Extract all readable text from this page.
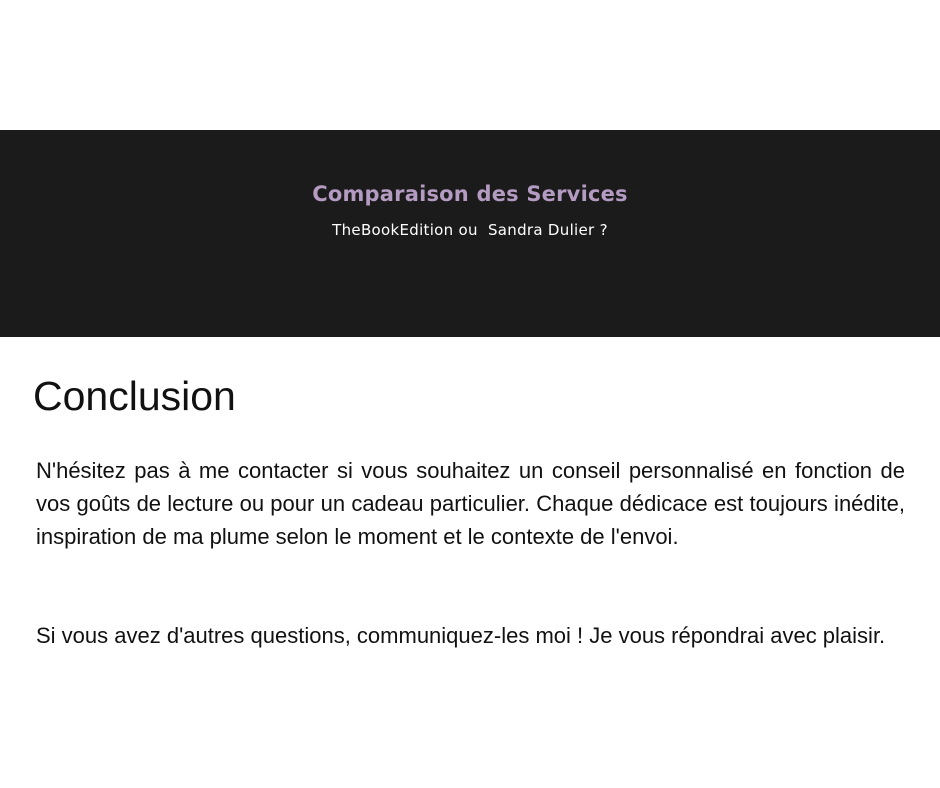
Comparaison des Services
TheBookEdition ou  Sandra Dulier ?
Conclusion

N'hésitez pas à me contacter si vous souhaitez un conseil personnalisé en fonction de vos goûts de lecture ou pour un cadeau particulier. Chaque dédicace est toujours inédite, inspiration de ma plume selon le moment et le contexte de l'envoi.

Si vous avez d'autres questions, communiquez-les moi ! Je vous répondrai avec plaisir.
